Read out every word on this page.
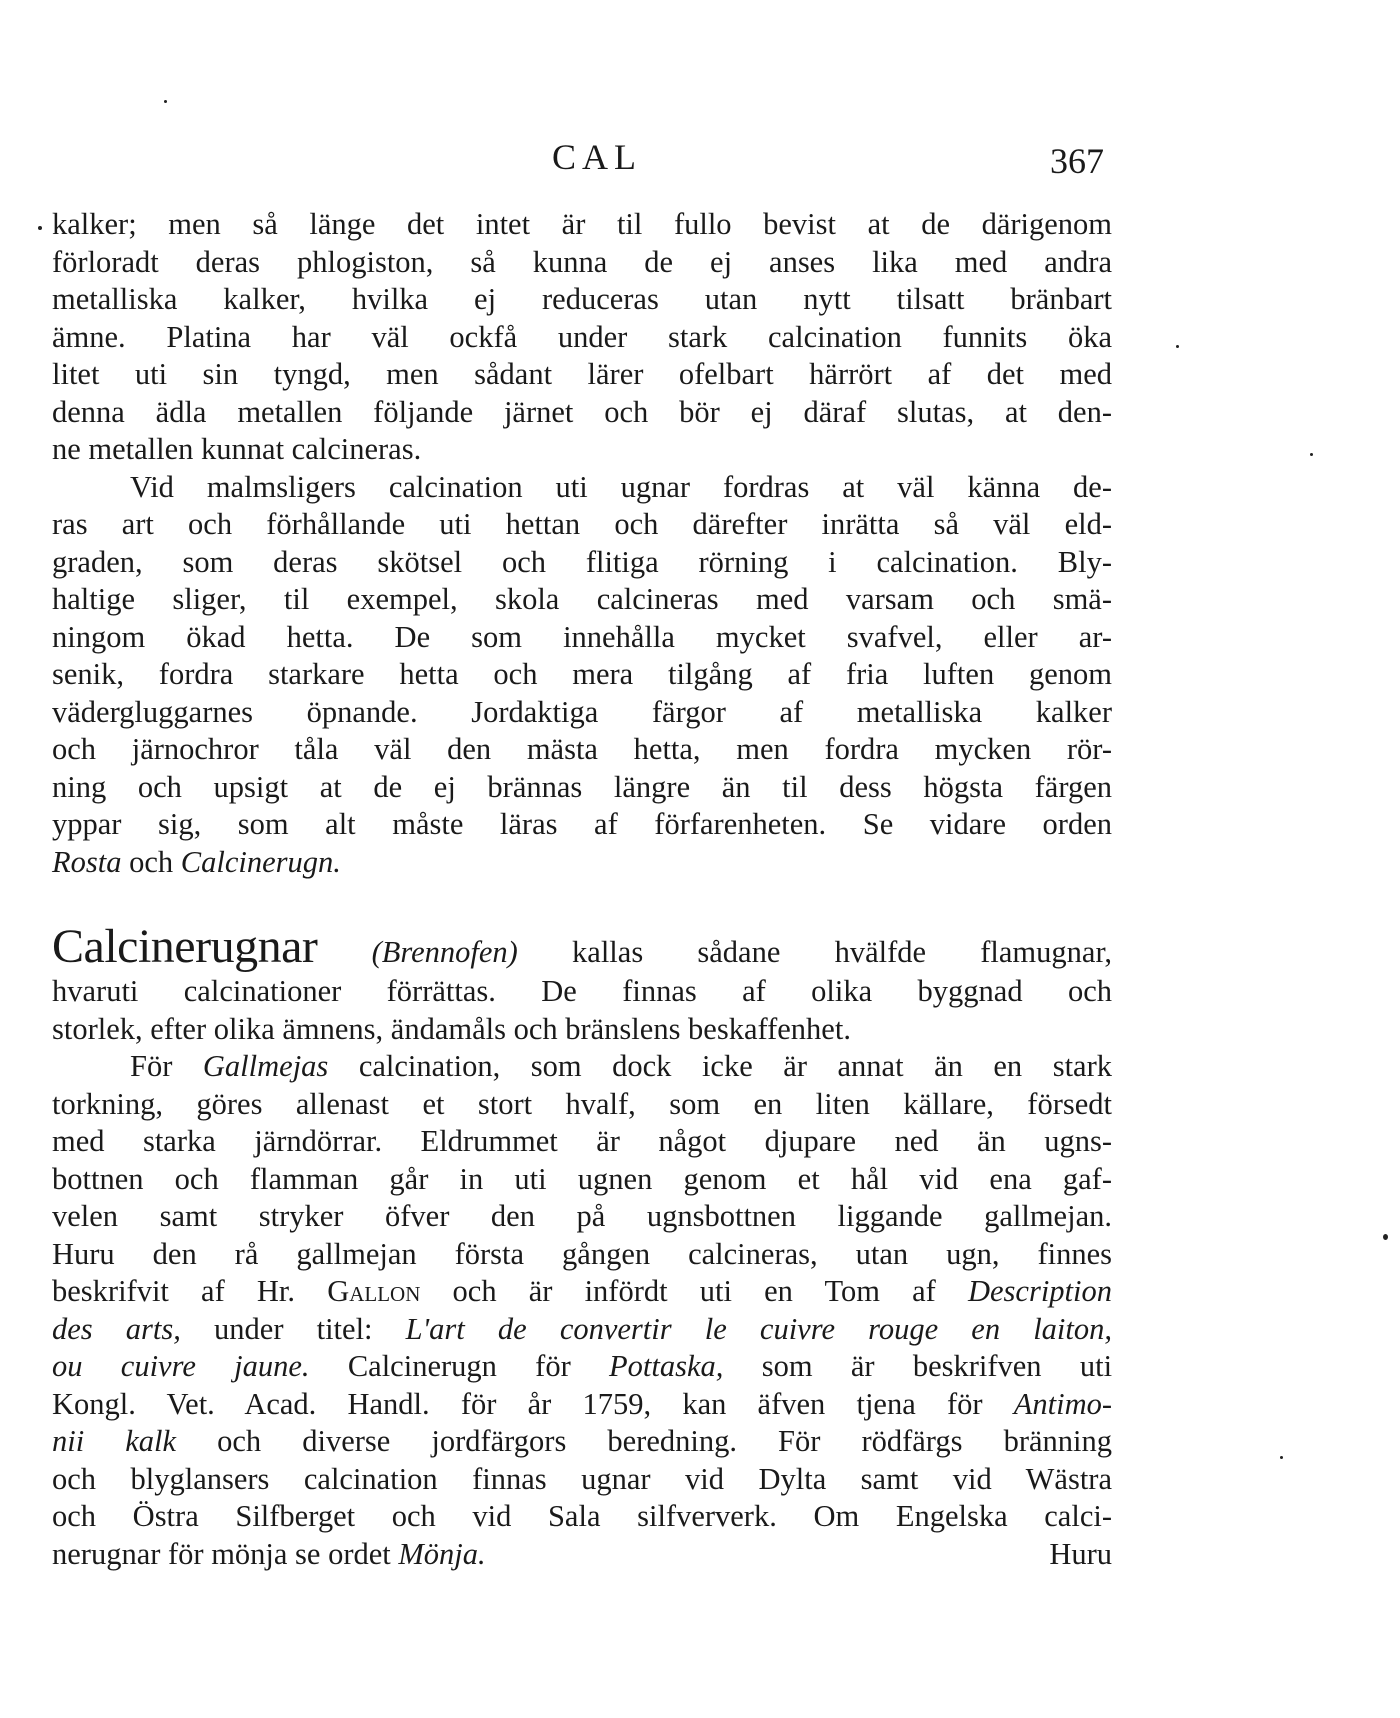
CAL	367
kalker; men så länge det intet är til fullo bevist at de därigenom
förloradt deras phlogiston, så kunna de ej anses lika med andra
metalliska kalker, hvilka ej reduceras utan nytt tilsatt bränbart
ämne. Platina har väl ockfå under stark calcination funnits öka
litet uti sin tyngd, men sådant lärer ofelbart härrört af det med
denna ädla metallen följande järnet och bör ej däraf slutas, at den-
ne metallen kunnat calcineras.
Vid malmsligers calcination uti ugnar fordras at väl känna de-
ras art och förhållande uti hettan och därefter inrätta så väl eld-
graden, som deras skötsel och flitiga rörning i calcination. Bly-
haltige sliger, til exempel, skola calcineras med varsam och smä-
ningom ökad hetta. De som innehålla mycket svafvel, eller ar-
senik, fordra starkare hetta och mera tilgång af fria luften genom
vädergluggarnes öpnande. Jordaktiga färgor af metalliska kalker
och järnochror tåla väl den mästa hetta, men fordra mycken rör-
ning och upsigt at de ej brännas längre än til dess högsta färgen
yppar sig, som alt måste läras af förfarenheten. Se vidare orden
Rosta och Calcinerugn.
Calcinerugnar (Brennofen) kallas sådane hvälfde flamugnar,
hvaruti calcinationer förrättas. De finnas af olika byggnad och
storlek, efter olika ämnens, ändamåls och bränslens beskaffenhet.
För Gallmejas calcination, som dock icke är annat än en stark
torkning, göres allenast et stort hvalf, som en liten källare, försedt
med starka järndörrar. Eldrummet är något djupare ned än ugns-
bottnen och flamman går in uti ugnen genom et hål vid ena gaf-
velen samt stryker öfver den på ugnsbottnen liggande gallmejan.
Huru den rå gallmejan första gången calcineras, utan ugn, finnes
beskrifvit af Hr. Gallon och är infördt uti en Tom af Description
des arts, under titel: L'art de convertir le cuivre rouge en laiton,
ou cuivre jaune. Calcinerugn för Pottaska, som är beskrifven uti
Kongl. Vet. Acad. Handl. för år 1759, kan äfven tjena för Antimo-
nii kalk och diverse jordfärgors beredning. För rödfärgs bränning
och blyglansers calcination finnas ugnar vid Dylta samt vid Wästra
och Östra Silfberget och vid Sala silfververk. Om Engelska calci-
nerugnar för mönja se ordet Mönja.	Huru
